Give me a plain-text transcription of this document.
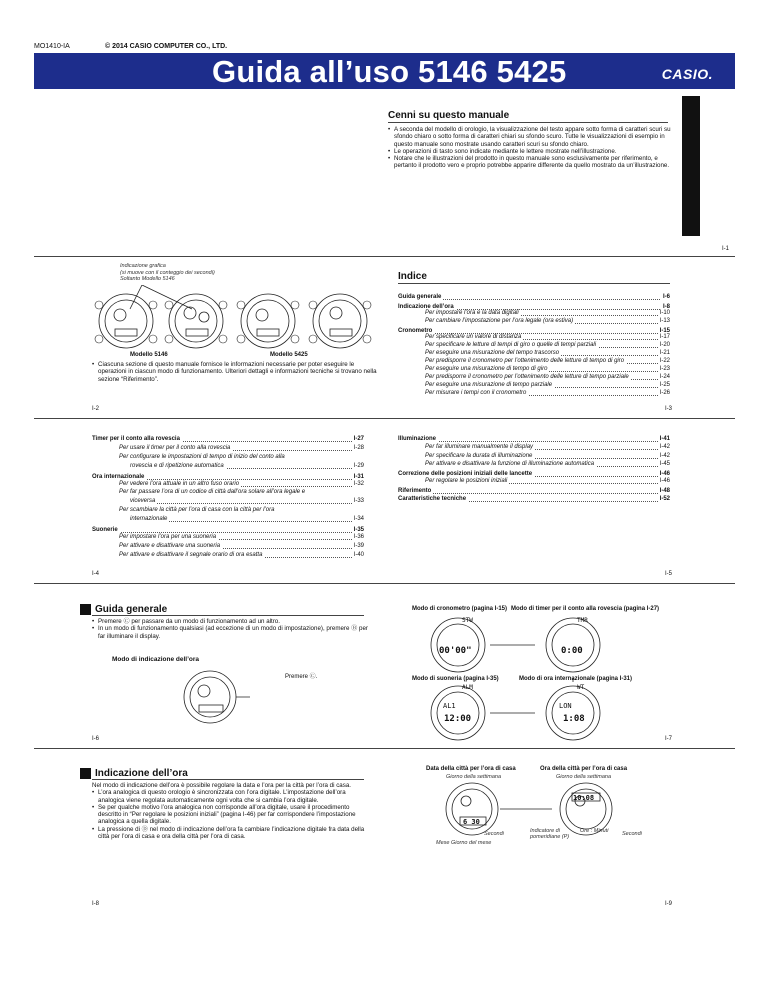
MO1410-IA	© 2014 CASIO COMPUTER CO., LTD.
Guida all’uso 5146 5425	CASIO.
Cenni su questo manuale
• A seconda del modello di orologio, la visualizzazione del testo appare sotto forma di caratteri scuri su sfondo chiaro o sotto forma di caratteri chiari su sfondo scuro. Tutte le visualizzazioni di esempio in questo manuale sono mostrate usando caratteri scuri su sfondo chiaro.
• Le operazioni di tasto sono indicate mediante le lettere mostrate nell’illustrazione.
• Notare che le illustrazioni del prodotto in questo manuale sono esclusivamente per riferimento, e pertanto il prodotto vero e proprio potrebbe apparire differente da quello mostrato da un’illustrazione.
I-1
Indicazione grafica
(si muove con il conteggio dei secondi)
Soltanto Modello 5146
Modello 5146	Modello 5425
• Ciascuna sezione di questo manuale fornisce le informazioni necessarie per poter eseguire le operazioni in ciascun modo di funzionamento. Ulteriori dettagli e informazioni tecniche si trovano nella sezione “Riferimento”.
I-2
Indice
Guida generale	I-6
Indicazione dell’ora	I-8
Per impostare l’ora e la data digitali	I-10
Per cambiare l’impostazione per l’ora legale (ora estiva)	I-13
Cronometro	I-15
Per specificare un valore di distanza	I-17
Per specificare le letture di tempi di giro o quelle di tempi parziali	I-20
Per eseguire una misurazione del tempo trascorso	I-21
Per predisporre il cronometro per l’ottenimento delle letture di tempo di giro	I-22
Per eseguire una misurazione di tempo di giro	I-23
Per predisporre il cronometro per l’ottenimento delle letture di tempo parziale	I-24
Per eseguire una misurazione di tempo parziale	I-25
Per misurare i tempi con il cronometro	I-26
I-3
Timer per il conto alla rovescia	I-27
Per usare il timer per il conto alla rovescia	I-28
Per configurare le impostazioni di tempo di inizio del conto alla
rovescia e di ripetizione automatica	I-29
Ora internazionale	I-31
Per vedere l’ora attuale in un altro fuso orario	I-32
Per far passare l’ora di un codice di città dall’ora solare all’ora legale e
viceversa	I-33
Per scambiare la città per l’ora di casa con la città per l’ora
internazionale	I-34
Suonerie	I-35
Per impostare l’ora per una suoneria	I-36
Per attivare e disattivare una suoneria	I-39
Per attivare e disattivare il segnale orario di ora esatta	I-40
I-4
Illuminazione	I-41
Per far illuminare manualmente il display	I-42
Per specificare la durata di illuminazione	I-42
Per attivare e disattivare la funzione di illuminazione automatica	I-45
Correzione delle posizioni iniziali delle lancette	I-46
Per regolare le posizioni iniziali	I-46
Riferimento	I-48
Caratteristiche tecniche	I-52
I-5
Guida generale
• Premere Ⓒ per passare da un modo di funzionamento ad un altro.
• In un modo di funzionamento qualsiasi (ad eccezione di un modo di impostazione), premere Ⓑ per far illuminare il display.
Modo di indicazione dell’ora
Premere Ⓒ.
I-6
Modo di cronometro (pagina I-15) Modo di timer per il conto alla rovescia (pagina I-27)
Modo di suoneria (pagina I-35)	Modo di ora internazionale (pagina I-31)
STW
00'00"
TMR
0:00
ALM
AL1
12:00
WT
LON
1:08
I-7
Indicazione dell’ora
Nel modo di indicazione dell’ora è possibile regolare la data e l’ora per la città per l’ora di casa.
• L’ora analogica di questo orologio è sincronizzata con l’ora digitale. L’impostazione dell’ora analogica viene regolata automaticamente ogni volta che si cambia l’ora digitale.
• Se per qualche motivo l’ora analogica non corrisponde all’ora digitale, usare il procedimento descritto in “Per regolare le posizioni iniziali” (pagina I-46) per far corrispondere l’impostazione analogica a quella digitale.
• La pressione di Ⓓ nel modo di indicazione dell’ora fa cambiare l’indicazione digitale fra data della città per l’ora di casa e ora della città per l’ora di casa.
I-8
Data della città per l’ora di casa
Giorno della settimana
Ora della città per l’ora di casa
Giorno della settimana
6 30
10:08
Secondi
Mese Giorno del mese
Indicatore di pomeridiane (P)
Ore : Minuti Secondi
I-9
